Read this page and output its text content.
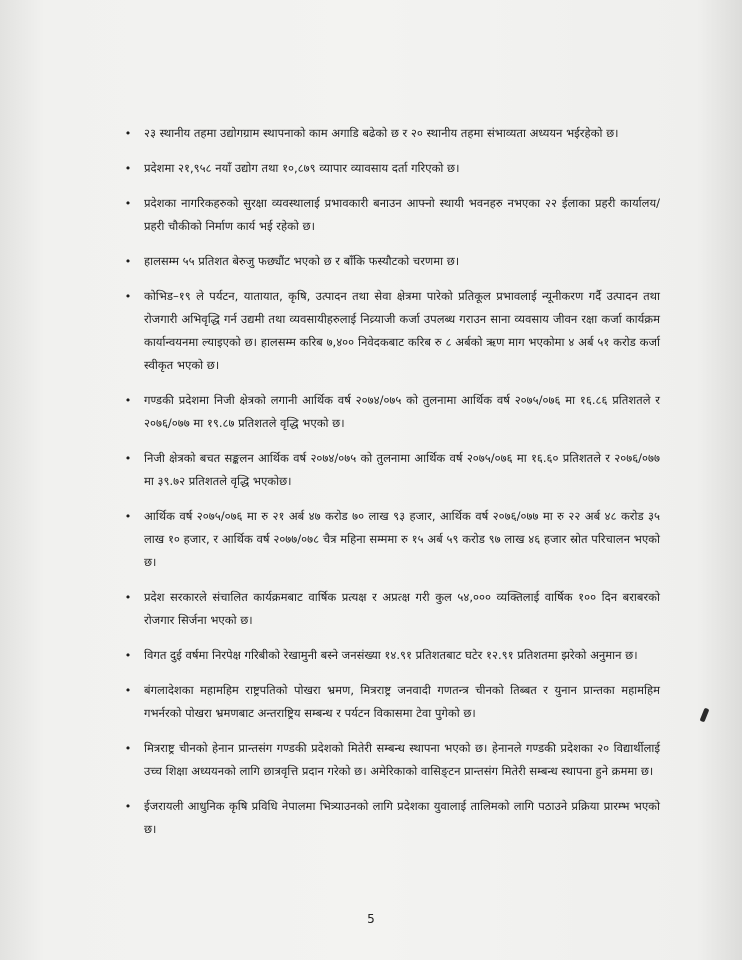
•	२३ स्थानीय तहमा उद्योगग्राम स्थापनाको काम अगाडि बढेको छ र २० स्थानीय तहमा संभाव्यता अध्ययन भईरहेको छ।
•	प्रदेशमा २१,९५८ नयाँ उद्योग तथा १०,८७९ व्यापार व्यावसाय दर्ता गरिएको छ।
•	प्रदेशका नागरिकहरुको सुरक्षा व्यवस्थालाई प्रभावकारी बनाउन आफ्नो स्थायी भवनहरु नभएका २२ ईलाका प्रहरी कार्यालय/प्रहरी चौकीको निर्माण कार्य भई रहेको छ।
•	हालसम्म ५५ प्रतिशत बेरुजु फछ्यौंट भएको छ र बाँकि फस्यौटको चरणमा छ।
•	कोभिड–१९ ले पर्यटन, यातायात, कृषि, उत्पादन तथा सेवा क्षेत्रमा पारेको प्रतिकूल प्रभावलाई न्यूनीकरण गर्दै उत्पादन तथा रोजगारी अभिवृद्धि गर्न उद्यमी तथा व्यवसायीहरुलाई निव्र्याजी कर्जा उपलब्ध गराउन साना व्यवसाय जीवन रक्षा कर्जा कार्यक्रम कार्यान्वयनमा ल्याइएको छ। हालसम्म करिब ७,४०० निवेदकबाट करिब रु ८ अर्बको ऋण माग भएकोमा ४ अर्ब ५१ करोड कर्जा स्वीकृत भएको छ।
•	गण्डकी प्रदेशमा निजी क्षेत्रको लगानी आर्थिक वर्ष २०७४/०७५ को तुलनामा आर्थिक वर्ष २०७५/०७६ मा १६.८६ प्रतिशतले र २०७६/०७७ मा १९.८७ प्रतिशतले वृद्धि भएको छ।
•	निजी क्षेत्रको बचत सङ्कलन आर्थिक वर्ष २०७४/०७५ को तुलनामा आर्थिक वर्ष २०७५/०७६ मा १६.६० प्रतिशतले र २०७६/०७७ मा ३९.७२ प्रतिशतले वृद्धि भएकोछ।
•	आर्थिक वर्ष २०७५/०७६ मा रु २१ अर्ब ४७ करोड ७० लाख ९३ हजार, आर्थिक वर्ष २०७६/०७७ मा रु २२ अर्ब ४८ करोड ३५ लाख १० हजार, र आर्थिक वर्ष २०७७/०७८ चैत्र महिना सम्ममा रु १५ अर्ब ५९ करोड ९७ लाख ४६ हजार स्रोत परिचालन भएको छ।
•	प्रदेश सरकारले संचालित कार्यक्रमबाट वार्षिक प्रत्यक्ष र अप्रत्क्ष गरी कुल ५४,००० व्यक्तिलाई वार्षिक १०० दिन बराबरको रोजगार सिर्जना भएको छ।
•	विगत दुई वर्षमा निरपेक्ष गरिबीको रेखामुनी बस्ने जनसंख्या १४.९१ प्रतिशतबाट घटेर १२.९१ प्रतिशतमा झरेको अनुमान छ।
•	बंगलादेशका महामहिम राष्ट्रपतिको पोखरा भ्रमण, मित्रराष्ट्र जनवादी गणतन्त्र चीनको तिब्बत र युनान प्रान्तका महामहिम गभर्नरको पोखरा भ्रमणबाट अन्तराष्ट्रिय सम्बन्ध र पर्यटन विकासमा टेवा पुगेको छ।
•	मित्रराष्ट्र चीनको हेनान प्रान्तसंग गण्डकी प्रदेशको मितेरी सम्बन्ध स्थापना भएको छ। हेनानले गण्डकी प्रदेशका २० विद्यार्थीलाई उच्च शिक्षा अध्ययनको लागि छात्रवृत्ति प्रदान गरेको छ। अमेरिकाको वासिङ्टन प्रान्तसंग मितेरी सम्बन्ध स्थापना हुने क्रममा छ।
•	ईजरायली आधुनिक कृषि प्रविधि नेपालमा भित्र्याउनको लागि प्रदेशका युवालाई तालिमको लागि पठाउने प्रक्रिया प्रारम्भ भएको छ।
5
